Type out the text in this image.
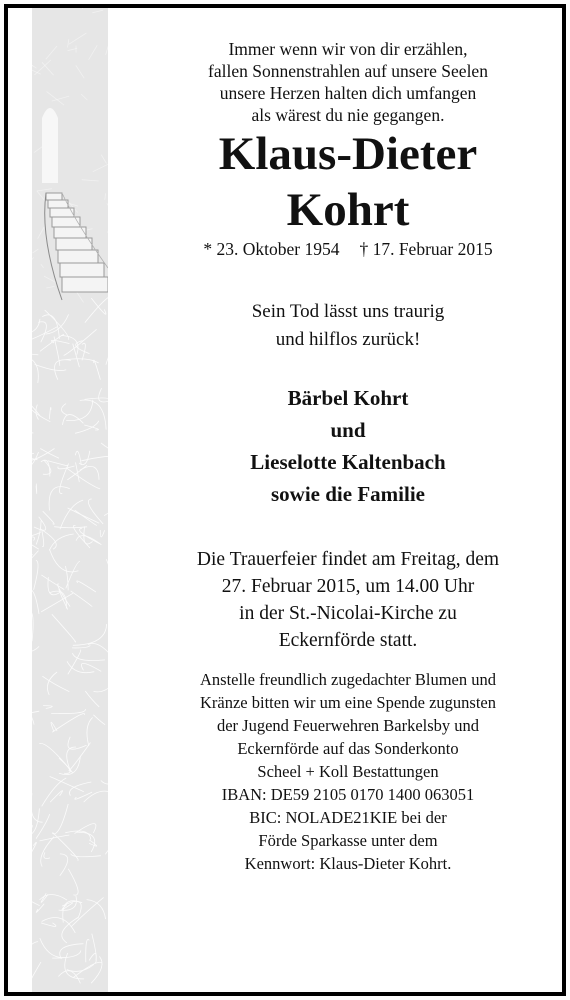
Immer wenn wir von dir erzählen,

fallen Sonnenstrahlen auf unsere Seelen

unsere Herzen halten dich umfangen

als wärest du nie gegangen.

Klaus-Dieter

Kohrt

* 23. Oktober 1954 † 17. Februar 2015

Sein Tod lässt uns traurig

und hilflos zurück!

Bärbel Kohrt

und

Lieselotte Kaltenbach

sowie die Familie

Die Trauerfeier findet am Freitag, dem

27. Februar 2015, um 14.00 Uhr

in der St.-Nicolai-Kirche zu

Eckernförde statt.

Anstelle freundlich zugedachter Blumen und

Kränze bitten wir um eine Spende zugunsten

der Jugend Feuerwehren Barkelsby und

Eckernförde auf das Sonderkonto

Scheel + Koll Bestattungen

IBAN: DE59 2105 0170 1400 063051

BIC: NOLADE21KIE bei der

Förde Sparkasse unter dem

Kennwort: Klaus-Dieter Kohrt.
